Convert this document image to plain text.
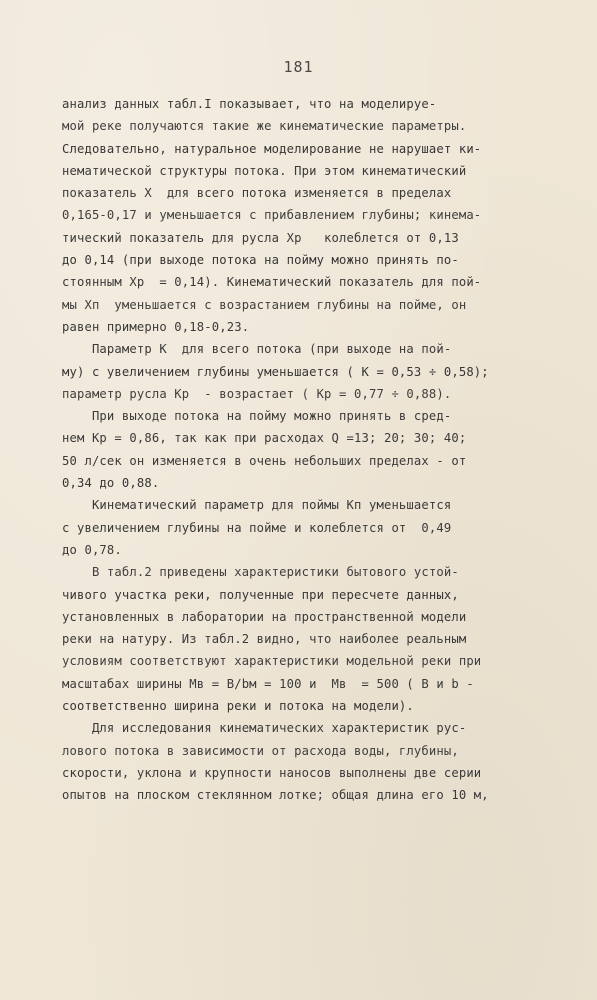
181
анализ данных табл.I показывает, что на моделируе-
мой реке получаются такие же кинематические параметры.
Следовательно, натуральное моделирование не нарушает ки-
нематической структуры потока. При этом кинематический
показатель X  для всего потока изменяется в пределах
0,165-0,17 и уменьшается с прибавлением глубины; кинема-
тический показатель для русла Xр   колеблется от 0,13
до 0,14 (при выходе потока на пойму можно принять по-
стоянным Xр  = 0,14). Кинематический показатель для пой-
мы Xп  уменьшается с возрастанием глубины на пойме, он
равен примерно 0,18-0,23.
Параметр K  для всего потока (при выходе на пой-
му) с увеличением глубины уменьшается ( K = 0,53 ÷ 0,58);
параметр русла Kр  - возрастает ( Kр = 0,77 ÷ 0,88).
При выходе потока на пойму можно принять в сред-
нем Kр = 0,86, так как при расходах Q =13; 20; 30; 40;
50 л/сек он изменяется в очень небольших пределах - от
0,34 до 0,88.
Кинематический параметр для поймы Kп уменьшается
с увеличением глубины на пойме и колеблется от  0,49
до 0,78.
В табл.2 приведены характеристики бытового устой-
чивого участка реки, полученные при пересчете данных,
установленных в лаборатории на пространственной модели
реки на натуру. Из табл.2 видно, что наиболее реальным
условиям соответствуют характеристики модельной реки при
масштабах ширины Mв = B/bм = 100 и  Mв  = 500 ( B и b -
соответственно ширина реки и потока на модели).
Для исследования кинематических характеристик рус-
лового потока в зависимости от расхода воды, глубины,
скорости, уклона и крупности наносов выполнены две серии
опытов на плоском стеклянном лотке; общая длина его 10 м,
